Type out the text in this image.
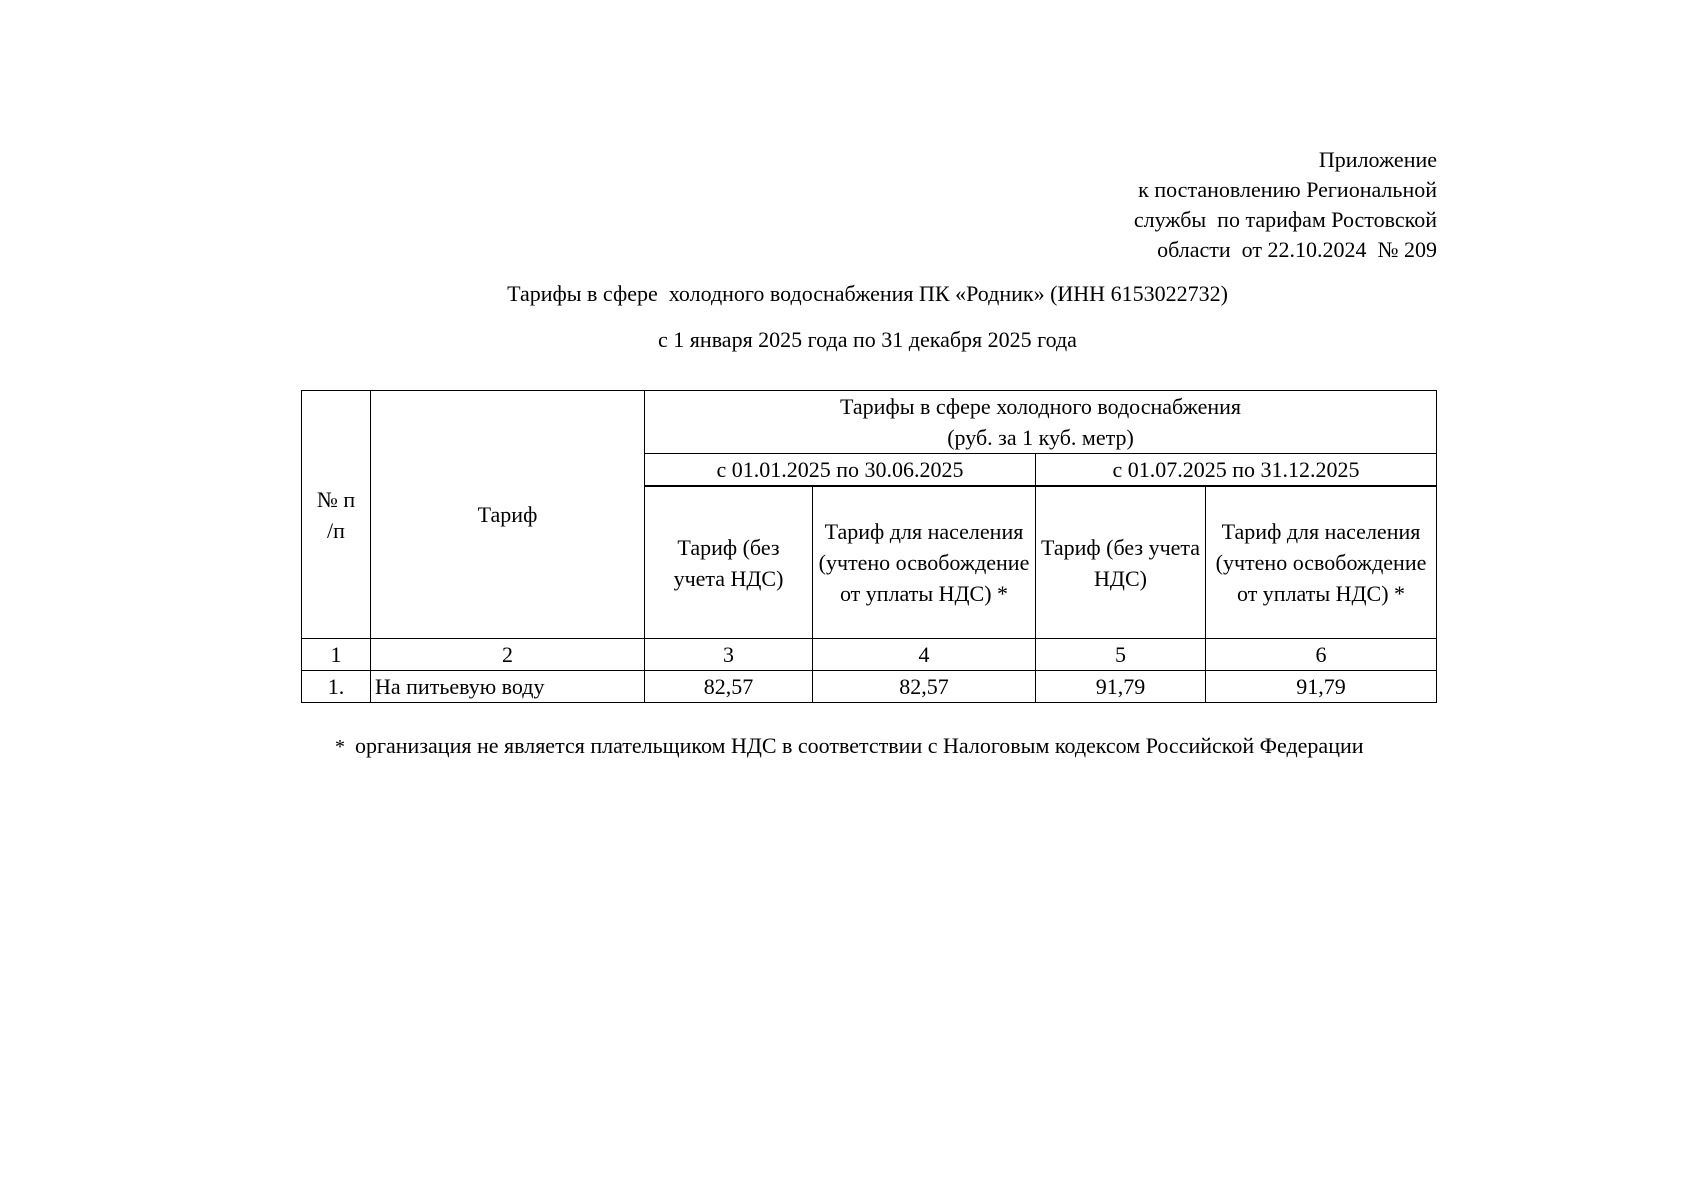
Приложение
к постановлению Региональной
службы  по тарифам Ростовской
области  от 22.10.2024  № 209
Тарифы в сфере  холодного водоснабжения ПК «Родник» (ИНН 6153022732)
с 1 января 2025 года по 31 декабря 2025 года
№ п /п	Тариф	Тарифы в сфере холодного водоснабжения
(руб. за 1 куб. метр)			

		с 01.01.2025 по 30.06.2025		с 01.07.2025 по 31.12.2025	
		Тариф (без учета НДС)	Тариф для населения (учтено освобождение от уплаты НДС) *	Тариф (без учета НДС)	Тариф для населения (учтено освобождение от уплаты НДС) *
1	2	3	4	5	6
1.	На питьевую воду	82,57	82,57	91,79	91,79
* организация не является плательщиком НДС в соответствии с Налоговым кодексом Российской Федерации
